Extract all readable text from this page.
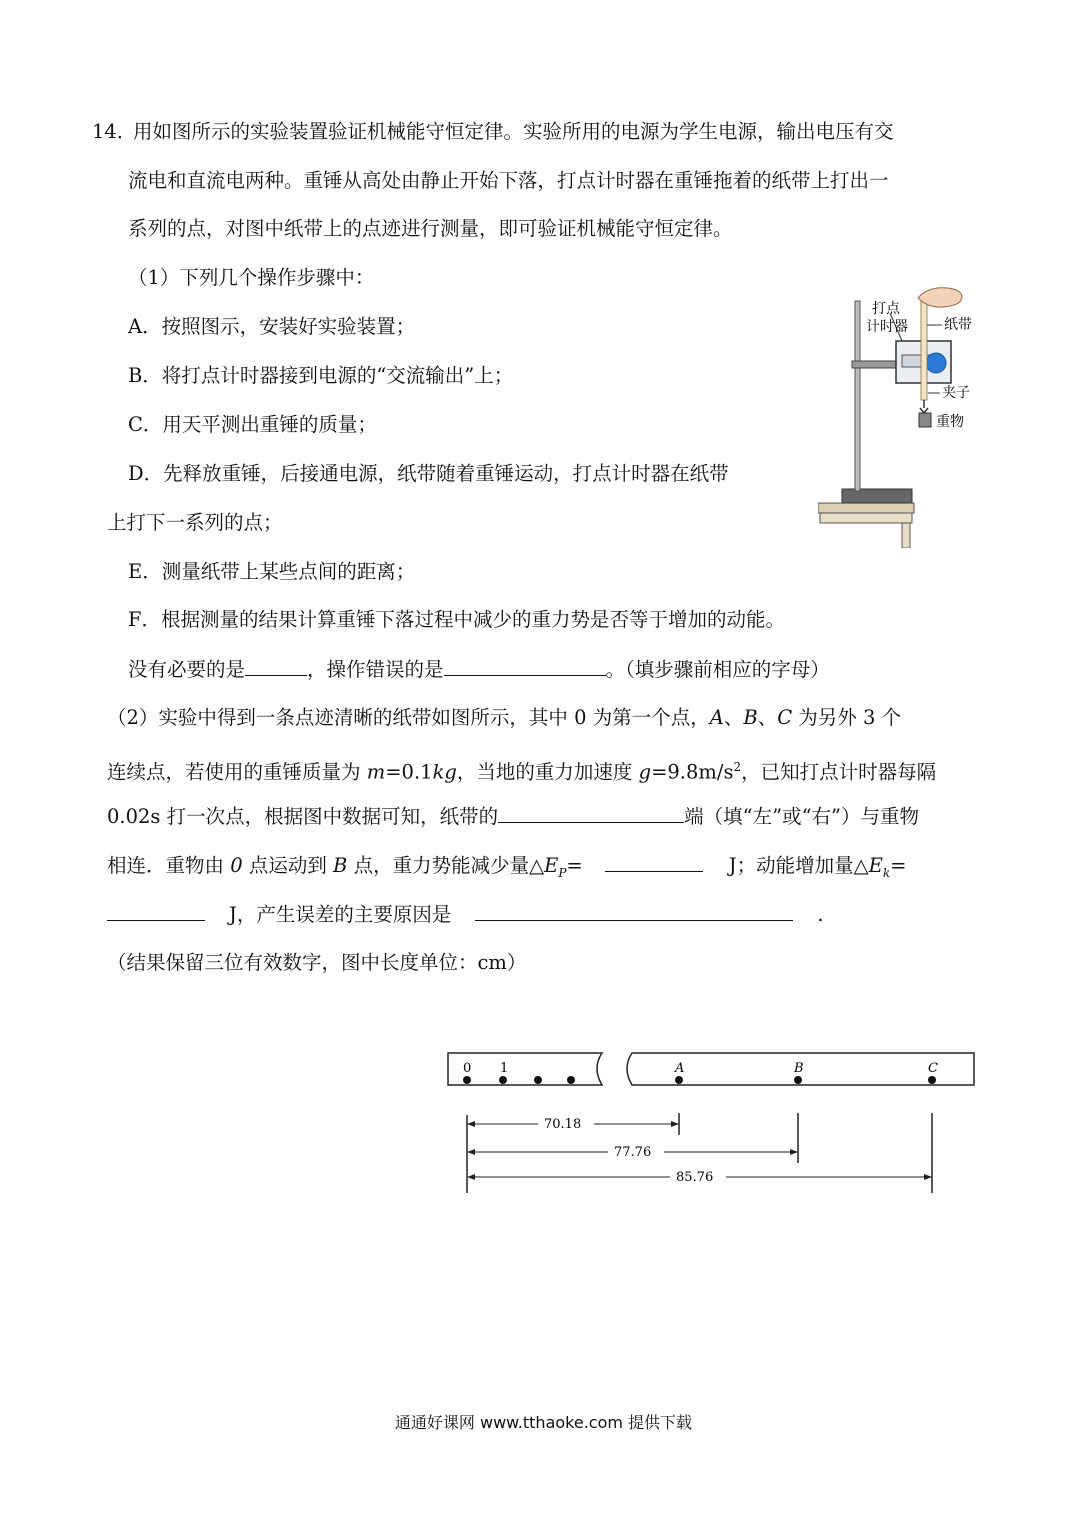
14．
用如图所示的实验装置验证机械能守恒定律。实验所用的电源为学生电源，输出电压有交
流电和直流电两种。重锤从高处由静止开始下落，打点计时器在重锤拖着的纸带上打出一
系列的点，对图中纸带上的点迹进行测量，即可验证机械能守恒定律。
（1）下列几个操作步骤中：
A．按照图示，安装好实验装置；
B．将打点计时器接到电源的“交流输出”上；
C．用天平测出重锤的质量；
D．先释放重锤，后接通电源，纸带随着重锤运动，打点计时器在纸带
上打下一系列的点；
E．测量纸带上某些点间的距离；
F．根据测量的结果计算重锤下落过程中减少的重力势是否等于增加的动能。
没有必要的是	，操作错误的是	。（填步骤前相应的字母）
（2）实验中得到一条点迹清晰的纸带如图所示，其中 0 为第一个点，A、B、C 为另外 3 个
连续点，若使用的重锤质量为 m=0.1kg，当地的重力加速度 $g=9.8m/s^2$，已知打点计时器每隔
0.02s 打一次点，根据图中数据可知，纸带的	端（填“左”或“右”）与重物
相连．重物由 0 点运动到 B 点，重力势能减少量$\triangle E_P=$	J；动能增加量$\triangle E_k=$
J，产生误差的主要原因是	.
（结果保留三位有效数字，图中长度单位：cm）
打点
计时器	纸带
夹子
重物
0 1	A	B	C
70.18
77.76
85.76
通通好课网 www.tthaoke.com 提供下载
